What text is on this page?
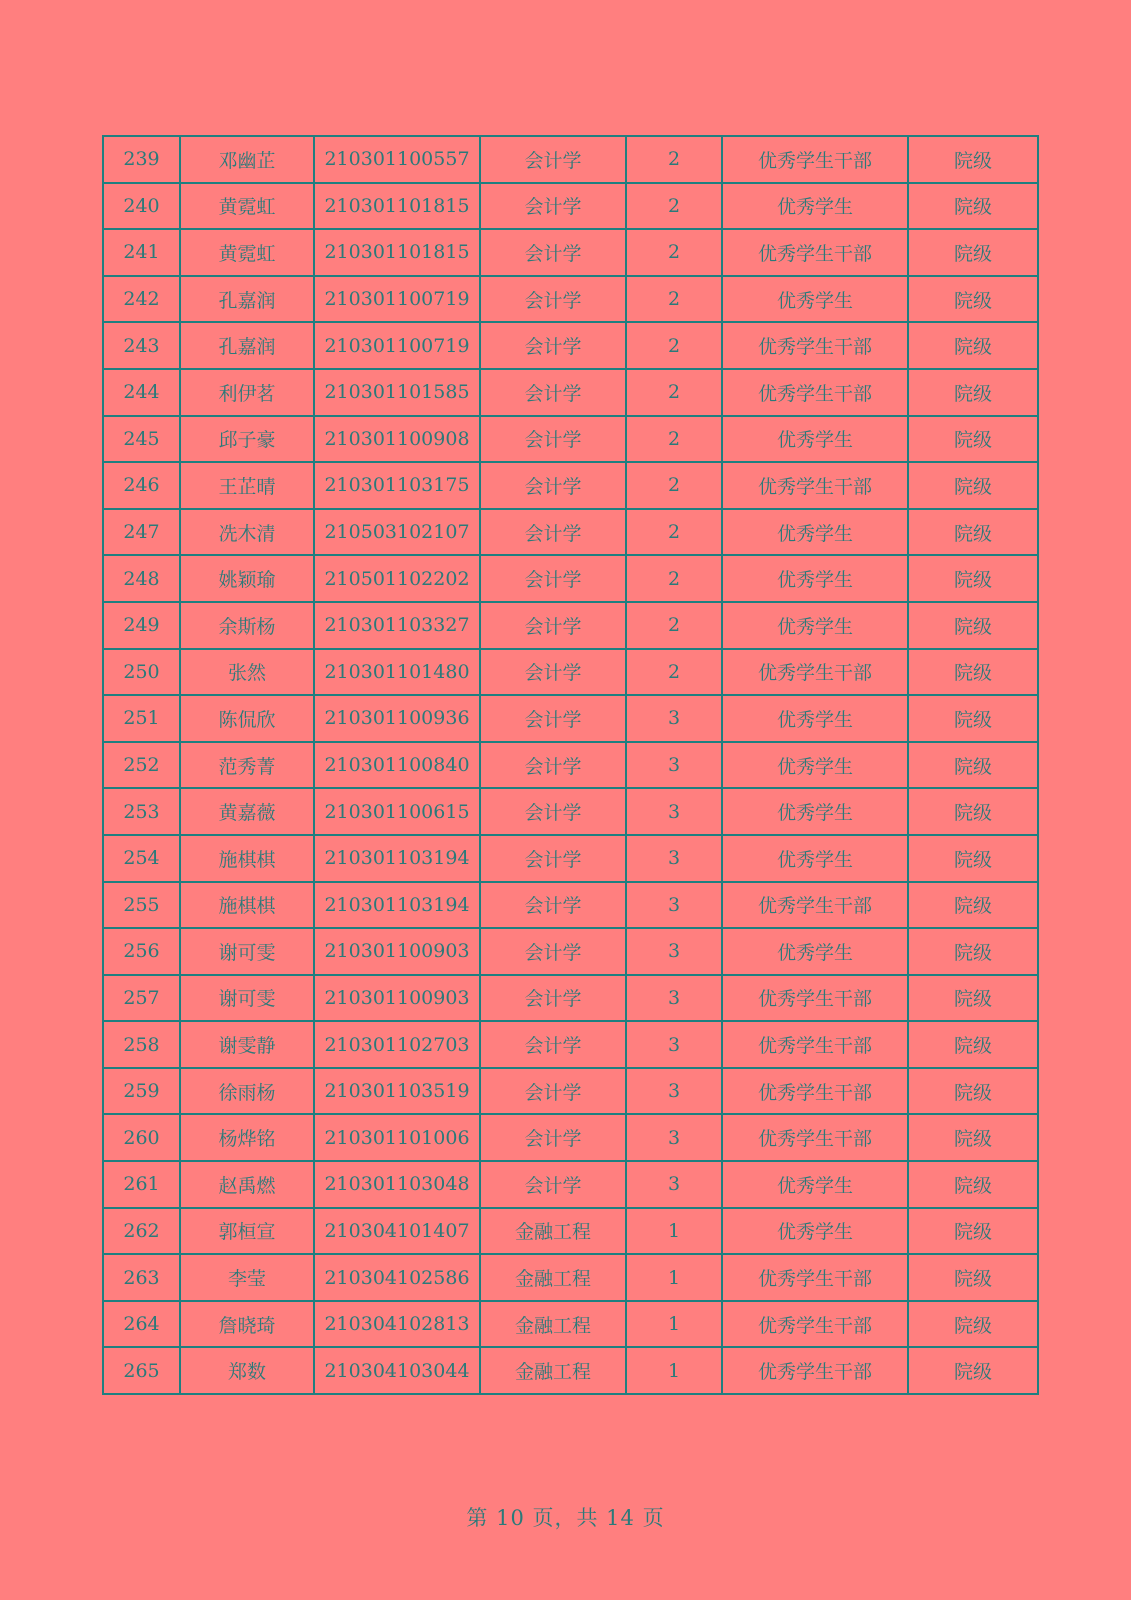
239	邓幽芷	210301100557	会计学	2	优秀学生干部	院级
240	黄霓虹	210301101815	会计学	2	优秀学生	院级
241	黄霓虹	210301101815	会计学	2	优秀学生干部	院级
242	孔嘉润	210301100719	会计学	2	优秀学生	院级
243	孔嘉润	210301100719	会计学	2	优秀学生干部	院级
244	利伊茗	210301101585	会计学	2	优秀学生干部	院级
245	邱子豪	210301100908	会计学	2	优秀学生	院级
246	王芷晴	210301103175	会计学	2	优秀学生干部	院级
247	冼木清	210503102107	会计学	2	优秀学生	院级
248	姚颖瑜	210501102202	会计学	2	优秀学生	院级
249	余斯杨	210301103327	会计学	2	优秀学生	院级
250	张然	210301101480	会计学	2	优秀学生干部	院级
251	陈侃欣	210301100936	会计学	3	优秀学生	院级
252	范秀菁	210301100840	会计学	3	优秀学生	院级
253	黄嘉薇	210301100615	会计学	3	优秀学生	院级
254	施棋棋	210301103194	会计学	3	优秀学生	院级
255	施棋棋	210301103194	会计学	3	优秀学生干部	院级
256	谢可雯	210301100903	会计学	3	优秀学生	院级
257	谢可雯	210301100903	会计学	3	优秀学生干部	院级
258	谢雯静	210301102703	会计学	3	优秀学生干部	院级
259	徐雨杨	210301103519	会计学	3	优秀学生干部	院级
260	杨烨铭	210301101006	会计学	3	优秀学生干部	院级
261	赵禹燃	210301103048	会计学	3	优秀学生	院级
262	郭桓宣	210304101407	金融工程	1	优秀学生	院级
263	李莹	210304102586	金融工程	1	优秀学生干部	院级
264	詹晓琦	210304102813	金融工程	1	优秀学生干部	院级
265	郑数	210304103044	金融工程	1	优秀学生干部	院级
第 10 页，共 14 页
